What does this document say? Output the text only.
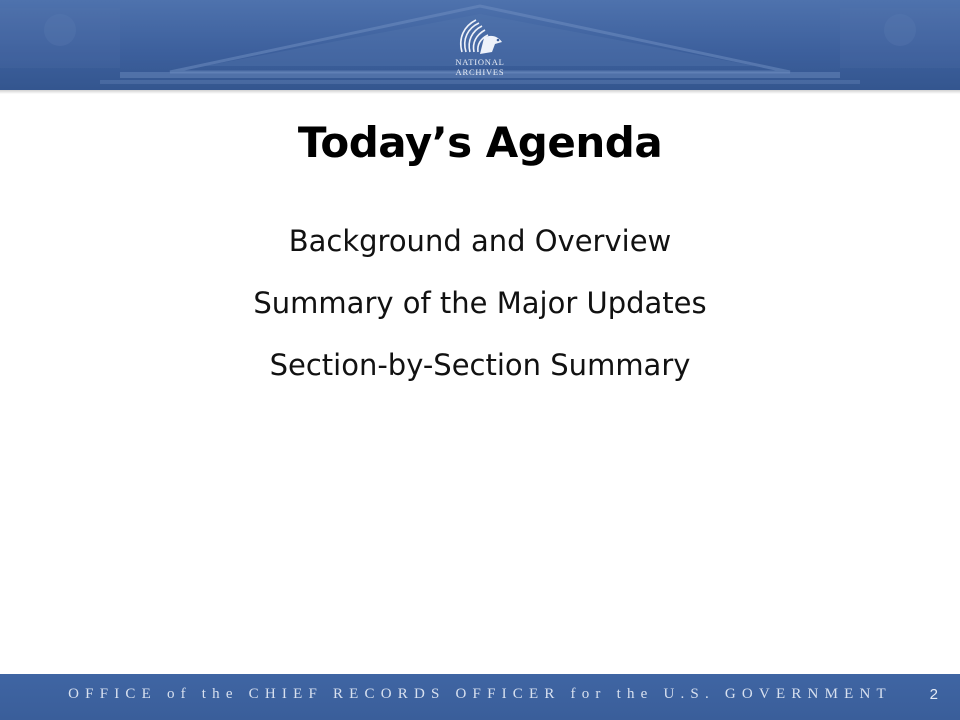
NATIONAL
ARCHIVES
Today’s Agenda
Background and Overview
Summary of the Major Updates
Section-by-Section Summary
OFFICE of the CHIEF RECORDS OFFICER for the U.S. GOVERNMENT	2
